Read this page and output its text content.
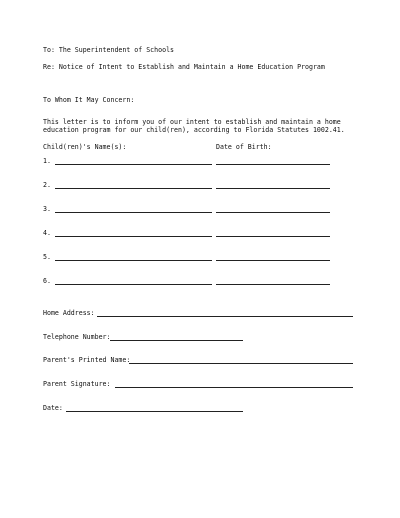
To: The Superintendent of Schools
Re: Notice of Intent to Establish and Maintain a Home Education Program
To Whom It May Concern:
This letter is to inform you of our intent to establish and maintain a home
education program for our child(ren), according to Florida Statutes 1002.41.
Child(ren)'s Name(s):	Date of Birth:
1.
2.
3.
4.
5.
6.
Home Address:
Telephone Number:
Parent's Printed Name:
Parent Signature:
Date:
